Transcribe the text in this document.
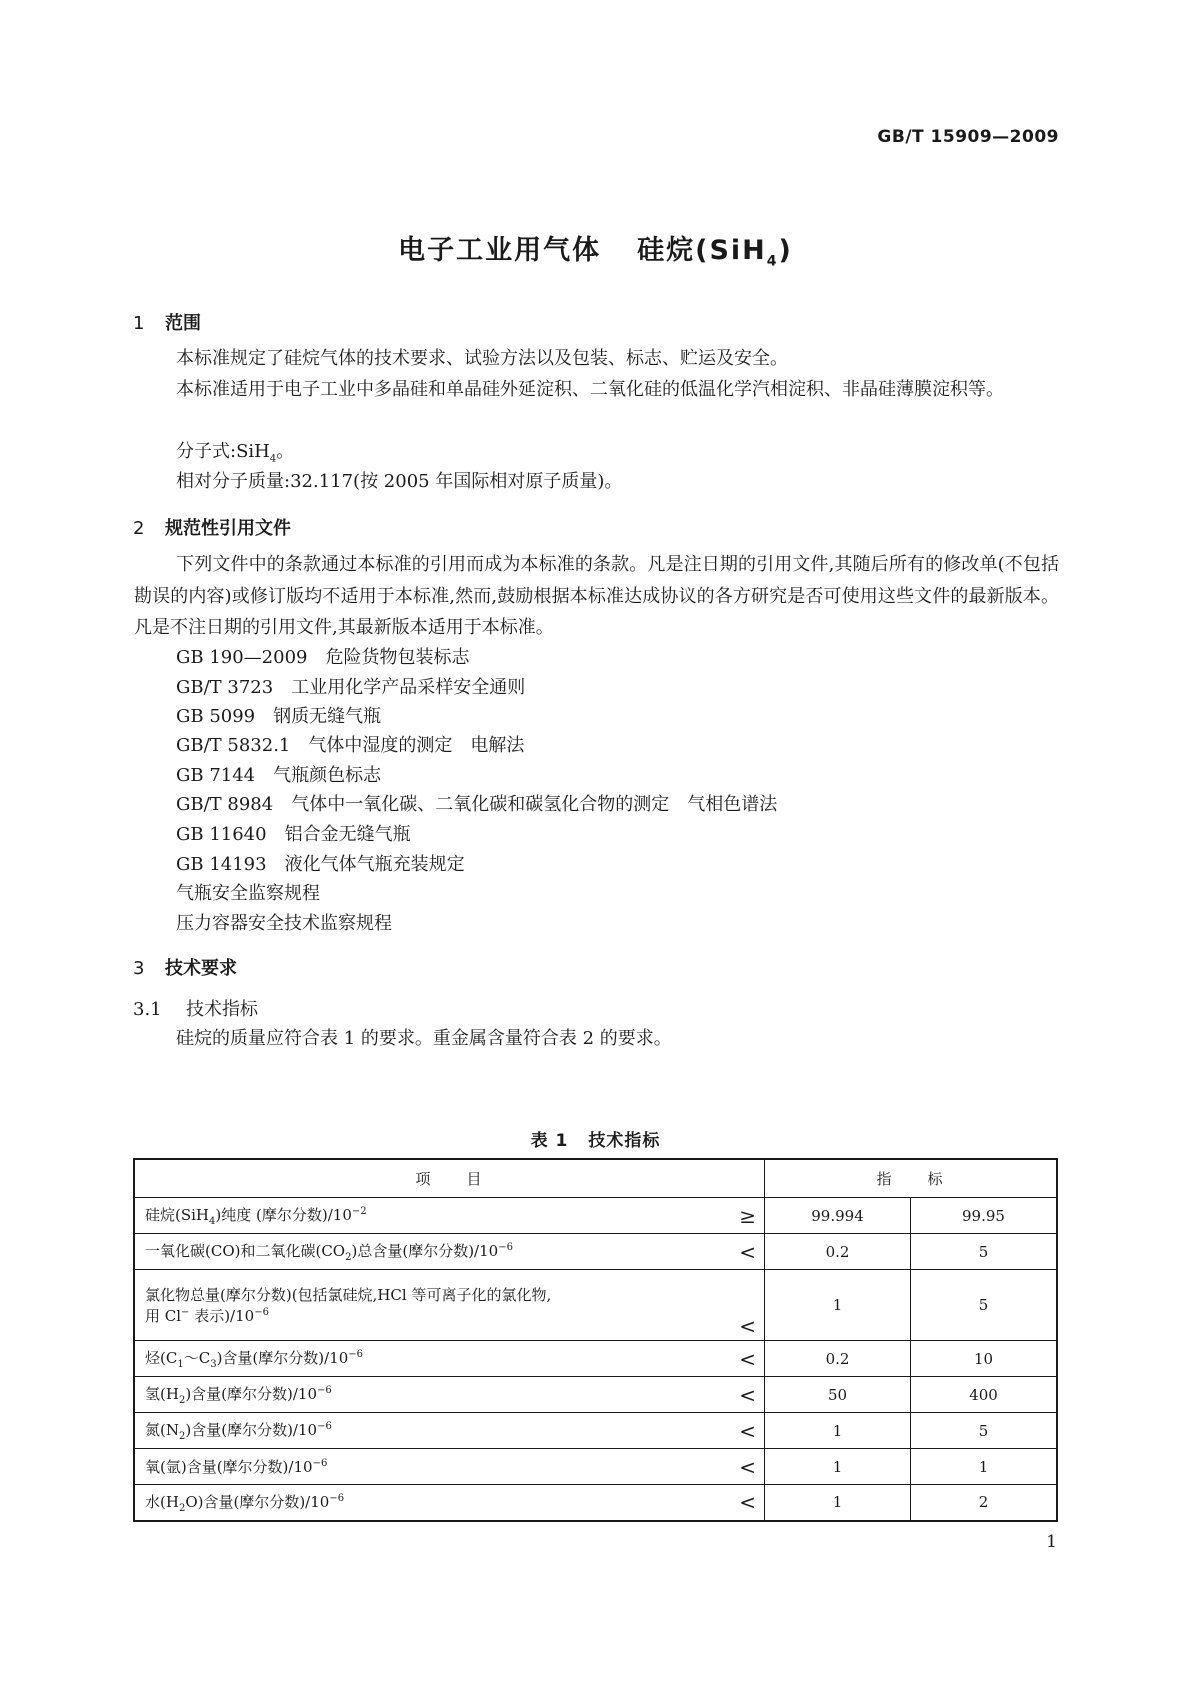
GB/T 15909—2009
电子工业用气体 硅烷(SiH$_4$)
1 范围
本标准规定了硅烷气体的技术要求、试验方法以及包装、标志、贮运及安全。
本标准适用于电子工业中多晶硅和单晶硅外延淀积、二氧化硅的低温化学汽相淀积、非晶硅薄膜淀积等。
分子式:SiH$_4$。
相对分子质量:32.117(按 2005 年国际相对原子质量)。
2 规范性引用文件
下列文件中的条款通过本标准的引用而成为本标准的条款。凡是注日期的引用文件,其随后所有的修改单(不包括勘误的内容)或修订版均不适用于本标准,然而,鼓励根据本标准达成协议的各方研究是否可使用这些文件的最新版本。凡是不注日期的引用文件,其最新版本适用于本标准。
GB 190—2009 危险货物包装标志
GB/T 3723 工业用化学产品采样安全通则
GB 5099 钢质无缝气瓶
GB/T 5832.1 气体中湿度的测定　电解法
GB 7144 气瓶颜色标志
GB/T 8984 气体中一氧化碳、二氧化碳和碳氢化合物的测定　气相色谱法
GB 11640 铝合金无缝气瓶
GB 14193 液化气体气瓶充装规定
气瓶安全监察规程
压力容器安全技术监察规程
3 技术要求
3.1 技术指标
硅烷的质量应符合表 1 的要求。重金属含量符合表 2 的要求。
表 1 技术指标
项　　目	指　　标	
硅烷(SiH$_4$)纯度 (摩尔分数)$/10^{-2}$ ≥	99.994	99.95
一氧化碳(CO)和二氧化碳$(CO_2)$总含量(摩尔分数)$/10^{-6}$ <	0.2	5

氯化物总量(摩尔分数)(包括氯硅烷,HCl 等可离子化的氯化物,
用 Cl− 表示)$/10^{-6}$
<	1	5
烃$(C_1\sim C_3)$含量(摩尔分数)$/10^{-6}$ <	0.2	10
氢$(H_2)$含量(摩尔分数)$/10^{-6}$ <	50	400
氮$(N_2)$含量(摩尔分数)$/10^{-6}$ <	1	5
氧(氩)含量(摩尔分数)$/10^{-6}$ <	1	1
水$(H_2O)$含量(摩尔分数)$/10^{-6}$ <	1	2
1
